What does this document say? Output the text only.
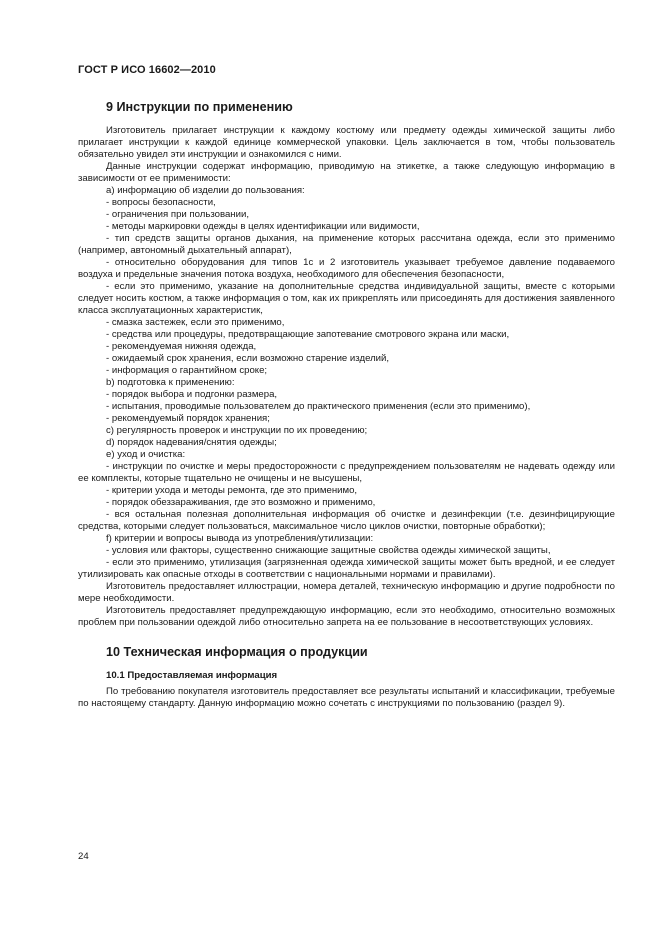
ГОСТ Р ИСО 16602—2010
9 Инструкции по применению

Изготовитель прилагает инструкции к каждому костюму или предмету одежды химической защиты либо прилагает инструкции к каждой единице коммерческой упаковки. Цель заключается в том, чтобы пользователь обязательно увидел эти инструкции и ознакомился с ними.

Данные инструкции содержат информацию, приводимую на этикетке, а также следующую информацию в зависимости от ее применимости:

a) информацию об изделии до пользования:

- вопросы безопасности,

- ограничения при пользовании,

- методы маркировки одежды в целях идентификации или видимости,

- тип средств защиты органов дыхания, на применение которых рассчитана одежда, если это применимо (например, автономный дыхательный аппарат),

- относительно оборудования для типов 1c и 2 изготовитель указывает требуемое давление подаваемого воздуха и предельные значения потока воздуха, необходимого для обеспечения безопасности,

- если это применимо, указание на дополнительные средства индивидуальной защиты, вместе с которыми следует носить костюм, а также информация о том, как их прикреплять или присоединять для достижения заявленного класса эксплуатационных характеристик,

- смазка застежек, если это применимо,

- средства или процедуры, предотвращающие запотевание смотрового экрана или маски,

- рекомендуемая нижняя одежда,

- ожидаемый срок хранения, если возможно старение изделий,

- информация о гарантийном сроке;

b) подготовка к применению:

- порядок выбора и подгонки размера,

- испытания, проводимые пользователем до практического применения (если это применимо),

- рекомендуемый порядок хранения;

c) регулярность проверок и инструкции по их проведению;

d) порядок надевания/снятия одежды;

e) уход и очистка:

- инструкции по очистке и меры предосторожности с предупреждением пользователям не надевать одежду или ее комплекты, которые тщательно не очищены и не высушены,

- критерии ухода и методы ремонта, где это применимо,

- порядок обеззараживания, где это возможно и применимо,

- вся остальная полезная дополнительная информация об очистке и дезинфекции (т.е. дезинфицирующие средства, которыми следует пользоваться, максимальное число циклов очистки, повторные обработки);

f) критерии и вопросы вывода из употребления/утилизации:

- условия или факторы, существенно снижающие защитные свойства одежды химической защиты,

- если это применимо, утилизация (загрязненная одежда химической защиты может быть вредной, и ее следует утилизировать как опасные отходы в соответствии с национальными нормами и правилами).

Изготовитель предоставляет иллюстрации, номера деталей, техническую информацию и другие подробности по мере необходимости.

Изготовитель предоставляет предупреждающую информацию, если это необходимо, относительно возможных проблем при пользовании одеждой либо относительно запрета на ее пользование в несоответствующих условиях.

10 Техническая информация о продукции
10.1 Предоставляемая информация

По требованию покупателя изготовитель предоставляет все результаты испытаний и классификации, требуемые по настоящему стандарту. Данную информацию можно сочетать с инструкциями по пользованию (раздел 9).

24
